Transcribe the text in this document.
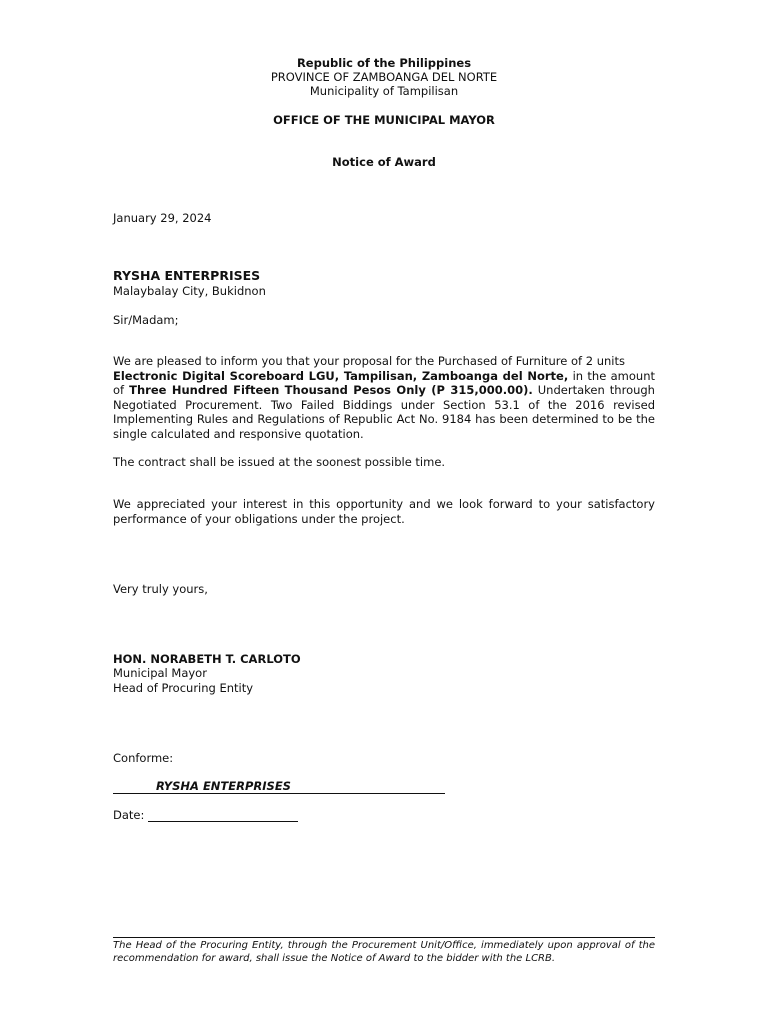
Republic of the Philippines
PROVINCE OF ZAMBOANGA DEL NORTE
Municipality of Tampilisan
OFFICE OF THE MUNICIPAL MAYOR
Notice of Award
January 29, 2024
RYSHA ENTERPRISES
Malaybalay City, Bukidnon
Sir/Madam;
We are pleased to inform you that your proposal for the Purchased of Furniture of 2 units
Electronic Digital Scoreboard LGU, Tampilisan, Zamboanga del Norte, in the amount of Three Hundred Fifteen Thousand Pesos Only (P 315,000.00). Undertaken through Negotiated Procurement. Two Failed Biddings under Section 53.1 of the 2016 revised Implementing Rules and Regulations of Republic Act No. 9184 has been determined to be the single calculated and responsive quotation.
The contract shall be issued at the soonest possible time.
We appreciated your interest in this opportunity and we look forward to your satisfactory performance of your obligations under the project.
Very truly yours,
HON. NORABETH T. CARLOTO
Municipal Mayor
Head of Procuring Entity
Conforme:
RYSHA ENTERPRISES
Date:
The Head of the Procuring Entity, through the Procurement Unit/Office, immediately upon approval of the recommendation for award, shall issue the Notice of Award to the bidder with the LCRB.
